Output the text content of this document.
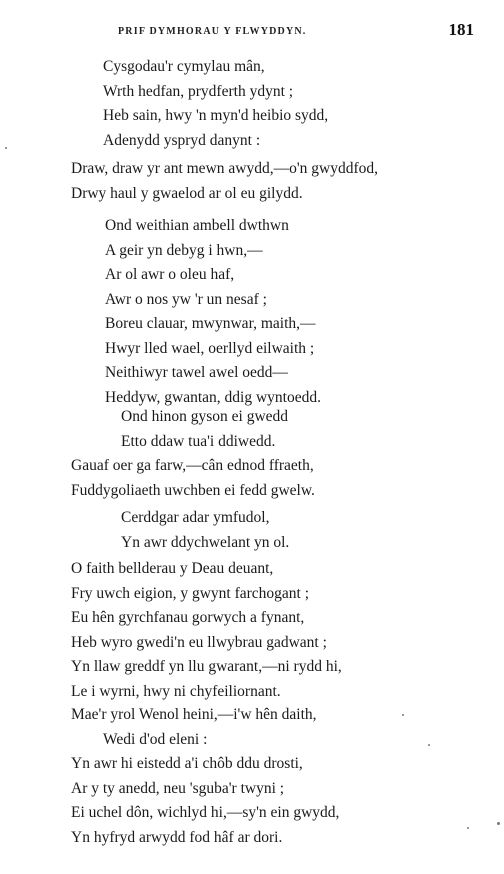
PRIF DYMHORAU Y FLWYDDYN.	181
Cysgodau'r cymylau mân,
Wrth hedfan, prydferth ydynt ;
Heb sain, hwy 'n myn'd heibio sydd,
Adenydd yspryd danynt :
Draw, draw yr ant mewn awydd,—o'n gwyddfod,
Drwy haul y gwaelod ar ol eu gilydd.
Ond weithian ambell dwthwn
A geir yn debyg i hwn,—
Ar ol awr o oleu haf,
Awr o nos yw 'r un nesaf ;
Boreu clauar, mwynwar, maith,—
Hwyr lled wael, oerllyd eilwaith ;
Neithiwyr tawel awel oedd—
Heddyw, gwantan, ddig wyntoedd.
Ond hinon gyson ei gwedd
Etto ddaw tua'i ddiwedd.
Gauaf oer ga farw,—cân ednod ffraeth,
Fuddygoliaeth uwchben ei fedd gwelw.
Cerddgar adar ymfudol,
Yn awr ddychwelant yn ol.
O faith bellderau y Deau deuant,
Fry uwch eigion, y gwynt farchogant ;
Eu hên gyrchfanau gorwych a fynant,
Heb wyro gwedi'n eu llwybrau gadwant ;
Yn llaw greddf yn llu gwarant,—ni rydd hi,
Le i wyrni, hwy ni chyfeiliornant.
Mae'r yrol Wenol heini,—i'w hên daith,
Wedi d'od eleni :
Yn awr hi eistedd a'i chôb ddu drosti,
Ar y ty anedd, neu 'sguba'r twyni ;
Ei uchel dôn, wichlyd hi,—sy'n ein gwydd,
Yn hyfryd arwydd fod hâf ar dori.
